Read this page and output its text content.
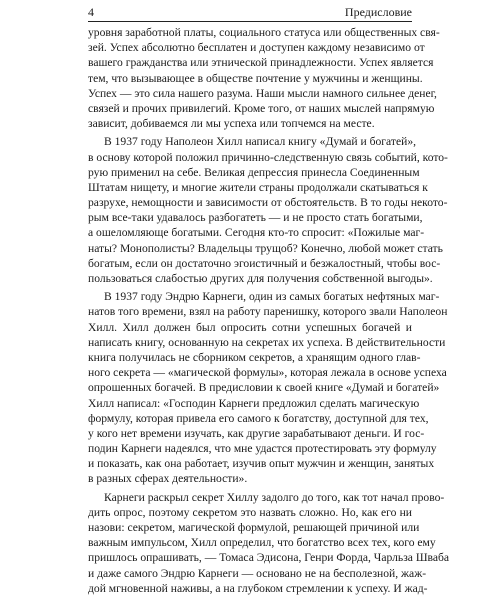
4	Предисловие
уровня заработной платы, социального статуса или общественных свя-
зей. Успех абсолютно бесплатен и доступен каждому независимо от
вашего гражданства или этнической принадлежности. Успех является
тем, что вызывающее в обществе почтение у мужчины и женщины.
Успех — это сила нашего разума. Наши мысли намного сильнее денег,
связей и прочих привилегий. Кроме того, от наших мыслей напрямую
зависит, добиваемся ли мы успеха или топчемся на месте.
В 1937 году Наполеон Хилл написал книгу «Думай и богатей»,
в основу которой положил причинно-следственную связь событий, кото-
рую применил на себе. Великая депрессия принесла Соединенным
Штатам нищету, и многие жители страны продолжали скатываться к
разрухе, немощности и зависимости от обстоятельств. В то годы некото-
рым все-таки удавалось разбогатеть — и не просто стать богатыми,
а ошеломляюще богатыми. Сегодня кто-то спросит: «Пожилые маг-
наты? Монополисты? Владельцы трущоб? Конечно, любой может стать
богатым, если он достаточно эгоистичный и безжалостный, чтобы вос-
пользоваться слабостью других для получения собственной выгоды».
В 1937 году Эндрю Карнеги, один из самых богатых нефтяных маг-
натов того времени, взял на работу паренишку, которого звали Наполеон
Хилл. Хилл должен был опросить сотни успешных богачей и
написать книгу, основанную на секретах их успеха. В действительности
книга получилась не сборником секретов, а хранящим одного глав-
ного секрета — «магической формулы», которая лежала в основе успеха
опрошенных богачей. В предисловии к своей книге «Думай и богатей»
Хилл написал: «Господин Карнеги предложил сделать магическую
формулу, которая привела его самого к богатству, доступной для тех,
у кого нет времени изучать, как другие зарабатывают деньги. И гос-
подин Карнеги надеялся, что мне удастся протестировать эту формулу
и показать, как она работает, изучив опыт мужчин и женщин, занятых
в разных сферах деятельности».
Карнеги раскрыл секрет Хиллу задолго до того, как тот начал прово-
дить опрос, поэтому секретом это назвать сложно. Но, как его ни
назови: секретом, магической формулой, решающей причиной или
важным импульсом, Хилл определил, что богатство всех тех, кого ему
пришлось опрашивать, — Томаса Эдисона, Генри Форда, Чарльза Шваба
и даже самого Эндрю Карнеги — основано не на бесполезной, жаж-
дой мгновенной наживы, а на глубоком стремлении к успеху. И жад-
